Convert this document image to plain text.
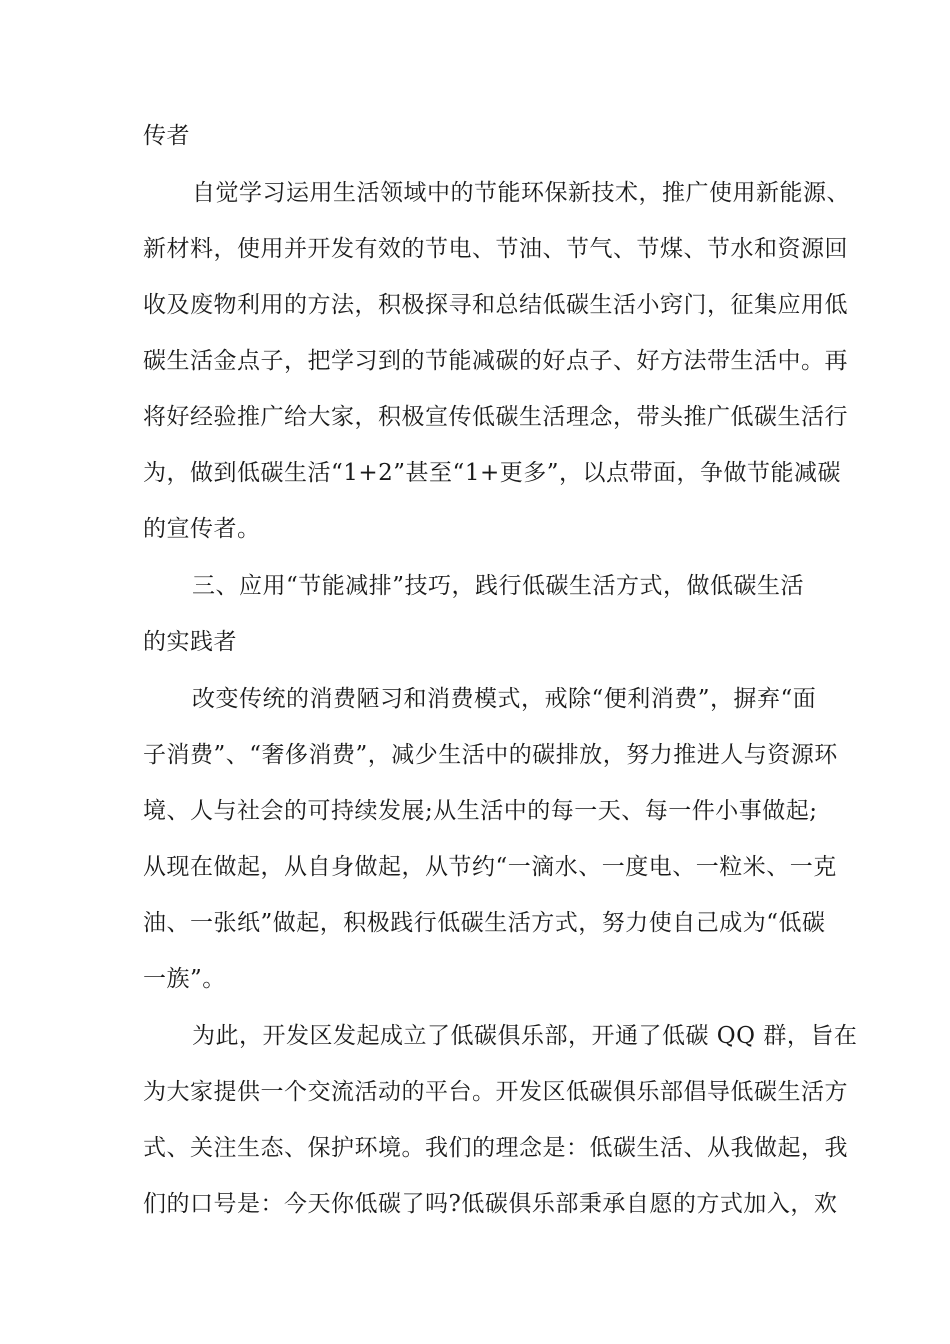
传者
自觉学习运用生活领域中的节能环保新技术，推广使用新能源、
新材料，使用并开发有效的节电、节油、节气、节煤、节水和资源回
收及废物利用的方法，积极探寻和总结低碳生活小窍门，征集应用低
碳生活金点子，把学习到的节能减碳的好点子、好方法带生活中。再
将好经验推广给大家，积极宣传低碳生活理念，带头推广低碳生活行
为，做到低碳生活“1+2”甚至“1+更多”，以点带面，争做节能减碳
的宣传者。
三、应用“节能减排”技巧，践行低碳生活方式，做低碳生活
的实践者
改变传统的消费陋习和消费模式，戒除“便利消费”，摒弃“面
子消费”、“奢侈消费”，减少生活中的碳排放，努力推进人与资源环
境、人与社会的可持续发展;从生活中的每一天、每一件小事做起;
从现在做起，从自身做起，从节约“一滴水、一度电、一粒米、一克
油、一张纸”做起，积极践行低碳生活方式，努力使自己成为“低碳
一族”。
为此，开发区发起成立了低碳俱乐部，开通了低碳 QQ 群，旨在
为大家提供一个交流活动的平台。开发区低碳俱乐部倡导低碳生活方
式、关注生态、保护环境。我们的理念是：低碳生活、从我做起，我
们的口号是：今天你低碳了吗?低碳俱乐部秉承自愿的方式加入，欢
